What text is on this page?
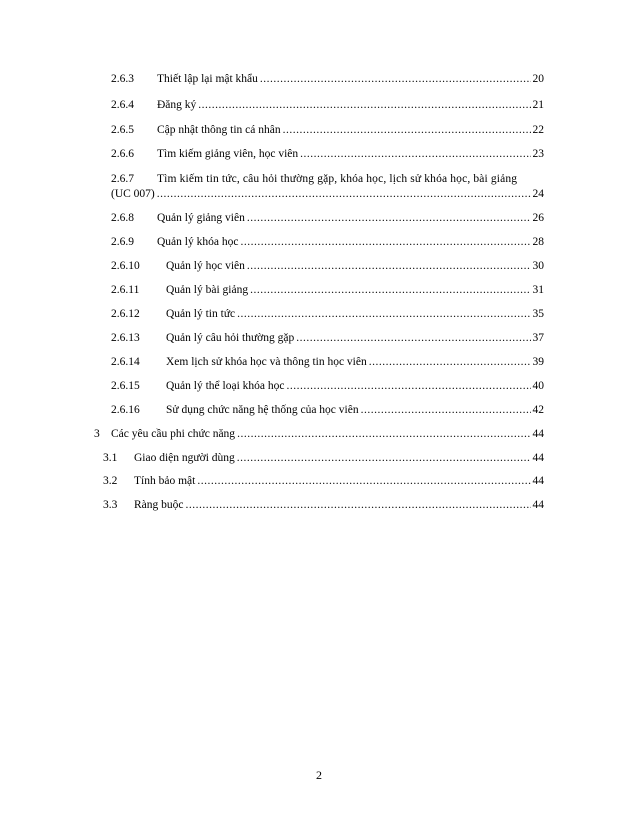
2.6.3	Thiết lập lại mật khẩu .....	20
2.6.4	Đăng ký .....	21
2.6.5	Cập nhật thông tin cá nhân .....	22
2.6.6	Tìm kiếm giảng viên, học viên .....	23
2.6.7	Tìm kiếm tin tức, câu hỏi thường gặp, khóa học, lịch sử khóa học, bài giảng
(UC 007) .....	24
2.6.8	Quản lý giảng viên .....	26
2.6.9	Quản lý khóa học .....	28
2.6.10	Quản lý học viên .....	30
2.6.11	Quản lý bài giảng .....	31
2.6.12	Quản lý tin tức .....	35
2.6.13	Quản lý câu hỏi thường gặp .....	37
2.6.14	Xem lịch sử khóa học và thông tin học viên .....	39
2.6.15	Quản lý thể loại khóa học .....	40
2.6.16	Sử dụng chức năng hệ thống của học viên .....	42
3 Các yêu cầu phi chức năng .....	44
3.1	Giao diện người dùng .....	44
3.2	Tính bảo mật .....	44
3.3	Ràng buộc .....	44
2
